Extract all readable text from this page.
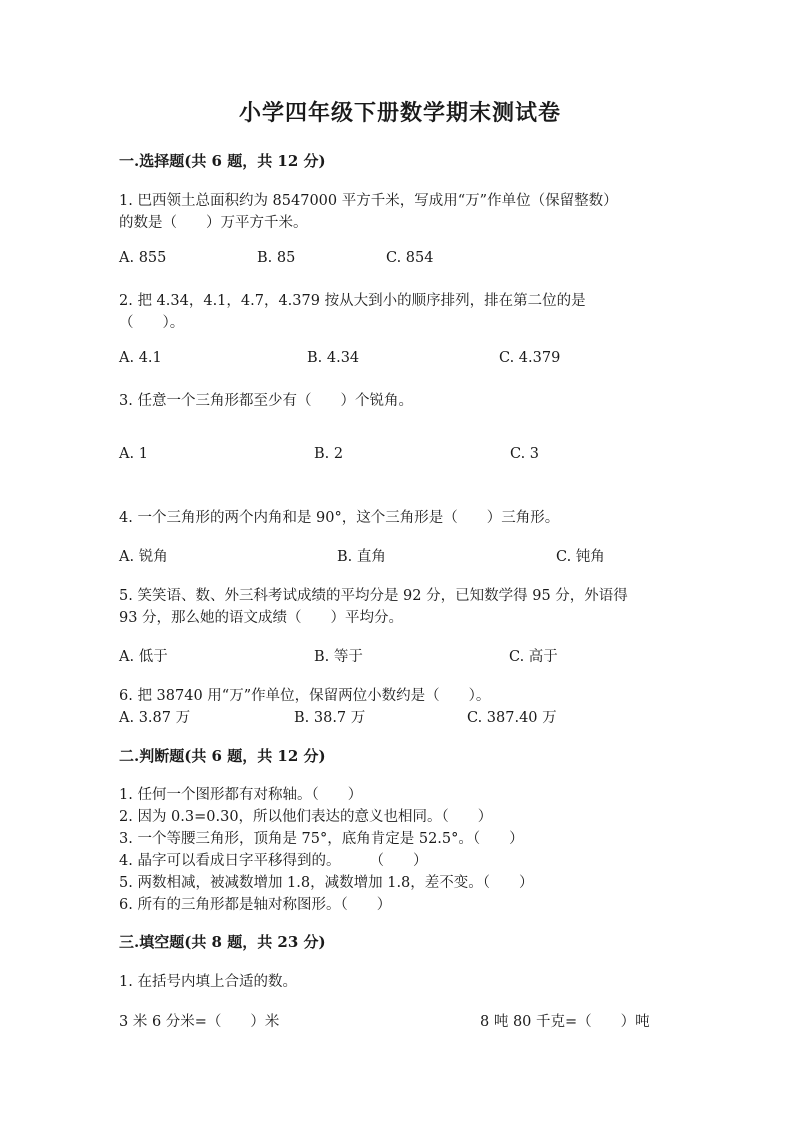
小学四年级下册数学期末测试卷
一.选择题(共 6 题，共 12 分)
1. 巴西领土总面积约为 8547000 平方千米，写成用“万”作单位（保留整数）
的数是（　　）万平方千米。
A. 855	B. 85	C. 854
2. 把 4.34，4.1，4.7，4.379 按从大到小的顺序排列，排在第二位的是
（　　）。
A. 4.1	B. 4.34	C. 4.379
3. 任意一个三角形都至少有（　　）个锐角。
A. 1	B. 2	C. 3
4. 一个三角形的两个内角和是 90°，这个三角形是（　　）三角形。
A. 锐角	B. 直角	C. 钝角
5. 笑笑语、数、外三科考试成绩的平均分是 92 分，已知数学得 95 分，外语得
93 分，那么她的语文成绩（　　）平均分。
A. 低于	B. 等于	C. 高于
6. 把 38740 用“万”作单位，保留两位小数约是（　　）。
A. 3.87 万	B. 38.7 万	C. 387.40 万
二.判断题(共 6 题，共 12 分)
1. 任何一个图形都有对称轴。（　　）
2. 因为 0.3=0.30，所以他们表达的意义也相同。（　　）
3. 一个等腰三角形，顶角是 75°，底角肯定是 52.5°。（　　）
4. 晶字可以看成日字平移得到的。　　　（　　）
5. 两数相减，被减数增加 1.8，减数增加 1.8，差不变。（　　）
6. 所有的三角形都是轴对称图形。（　　）
三.填空题(共 8 题，共 23 分)
1. 在括号内填上合适的数。
3 米 6 分米=（　　）米	8 吨 80 千克=（　　）吨
